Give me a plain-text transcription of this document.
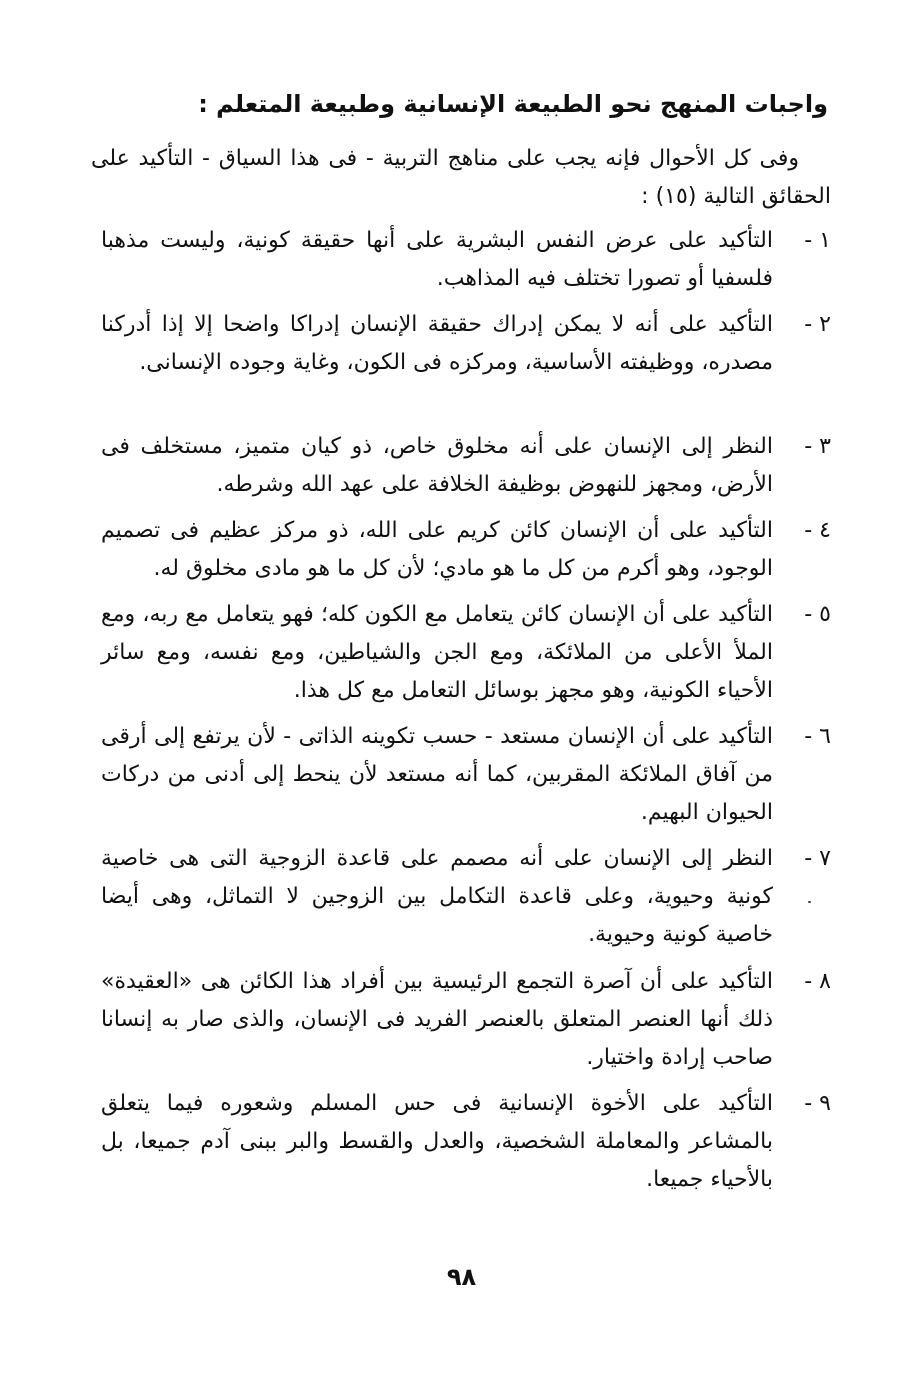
واجبات المنهج نحو الطبيعة الإنسانية وطبيعة المتعلم :

وفى كل الأحوال فإنه يجب على مناهج التربية - فى هذا السياق - التأكيد على الحقائق التالية (١٥) :

١ -
التأكيد على عرض النفس البشرية على أنها حقيقة كونية، وليست مذهبا فلسفيا أو تصورا تختلف فيه المذاهب.
٢ -
التأكيد على أنه لا يمكن إدراك حقيقة الإنسان إدراكا واضحا إلا إذا أدركنا مصدره، ووظيفته الأساسية، ومركزه فى الكون، وغاية وجوده الإنسانى.
٣ -
النظر إلى الإنسان على أنه مخلوق خاص، ذو كيان متميز، مستخلف فى الأرض، ومجهز للنهوض بوظيفة الخلافة على عهد الله وشرطه.
٤ -
التأكيد على أن الإنسان كائن كريم على الله، ذو مركز عظيم فى تصميم الوجود، وهو أكرم من كل ما هو مادي؛ لأن كل ما هو مادى مخلوق له.
٥ -
التأكيد على أن الإنسان كائن يتعامل مع الكون كله؛ فهو يتعامل مع ربه، ومع الملأ الأعلى من الملائكة، ومع الجن والشياطين، ومع نفسه، ومع سائر الأحياء الكونية، وهو مجهز بوسائل التعامل مع كل هذا.
٦ -
التأكيد على أن الإنسان مستعد - حسب تكوينه الذاتى - لأن يرتفع إلى أرقى من آفاق الملائكة المقربين، كما أنه مستعد لأن ينحط إلى أدنى من دركات الحيوان البهيم.
٧ -
النظر إلى الإنسان على أنه مصمم على قاعدة الزوجية التى هى خاصية كونية وحيوية، وعلى قاعدة التكامل بين الزوجين لا التماثل، وهى أيضا خاصية كونية وحيوية.
٨ -
التأكيد على أن آصرة التجمع الرئيسية بين أفراد هذا الكائن هى «العقيدة» ذلك أنها العنصر المتعلق بالعنصر الفريد فى الإنسان، والذى صار به إنسانا صاحب إرادة واختيار.
٩ -
التأكيد على الأخوة الإنسانية فى حس المسلم وشعوره فيما يتعلق بالمشاعر والمعاملة الشخصية، والعدل والقسط والبر ببنى آدم جميعا، بل بالأحياء جميعا.
٩٨
